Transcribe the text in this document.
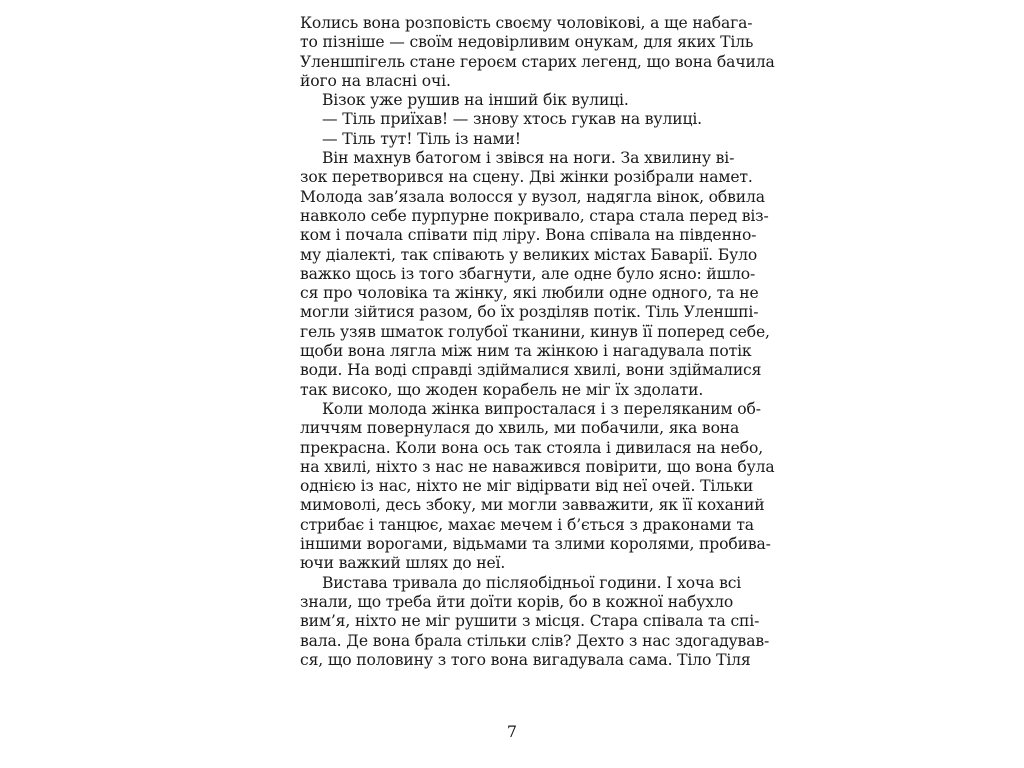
Колись вона розповість своєму чоловікові, а ще набага-
то пізніше — своїм недовірливим онукам, для яких Тіль
Уленшпігель стане героєм старих легенд, що вона бачила
його на власні очі.
Візок уже рушив на інший бік вулиці.
— Тіль приїхав! — знову хтось гукав на вулиці.
— Тіль тут! Тіль із нами!
Він махнув батогом і звівся на ноги. За хвилину ві-
зок перетворився на сцену. Дві жінки розібрали намет.
Молода зав’язала волосся у вузол, надягла вінок, обвила
навколо себе пурпурне покривало, стара стала перед віз-
ком і почала співати під ліру. Вона співала на південно-
му діалекті, так співають у великих містах Баварії. Було
важко щось із того збагнути, але одне було ясно: йшло-
ся про чоловіка та жінку, які любили одне одного, та не
могли зійтися разом, бо їх розділяв потік. Тіль Уленшпі-
гель узяв шматок голубої тканини, кинув її поперед себе,
щоби вона лягла між ним та жінкою і нагадувала потік
води. На воді справді здіймалися хвилі, вони здіймалися
так високо, що жоден корабель не міг їх здолати.
Коли молода жінка випросталася і з переляканим об-
личчям повернулася до хвиль, ми побачили, яка вона
прекрасна. Коли вона ось так стояла і дивилася на небо,
на хвилі, ніхто з нас не наважився повірити, що вона була
однією із нас, ніхто не міг відірвати від неї очей. Тільки
мимоволі, десь збоку, ми могли завважити, як її коханий
стрибає і танцює, махає мечем і б’ється з драконами та
іншими ворогами, відьмами та злими королями, пробива-
ючи важкий шлях до неї.
Вистава тривала до післяобідньої години. І хоча всі
знали, що треба йти доїти корів, бо в кожної набухло
вим’я, ніхто не міг рушити з місця. Стара співала та спі-
вала. Де вона брала стільки слів? Дехто з нас здогадував-
ся, що половину з того вона вигадувала сама. Тіло Тіля
7
